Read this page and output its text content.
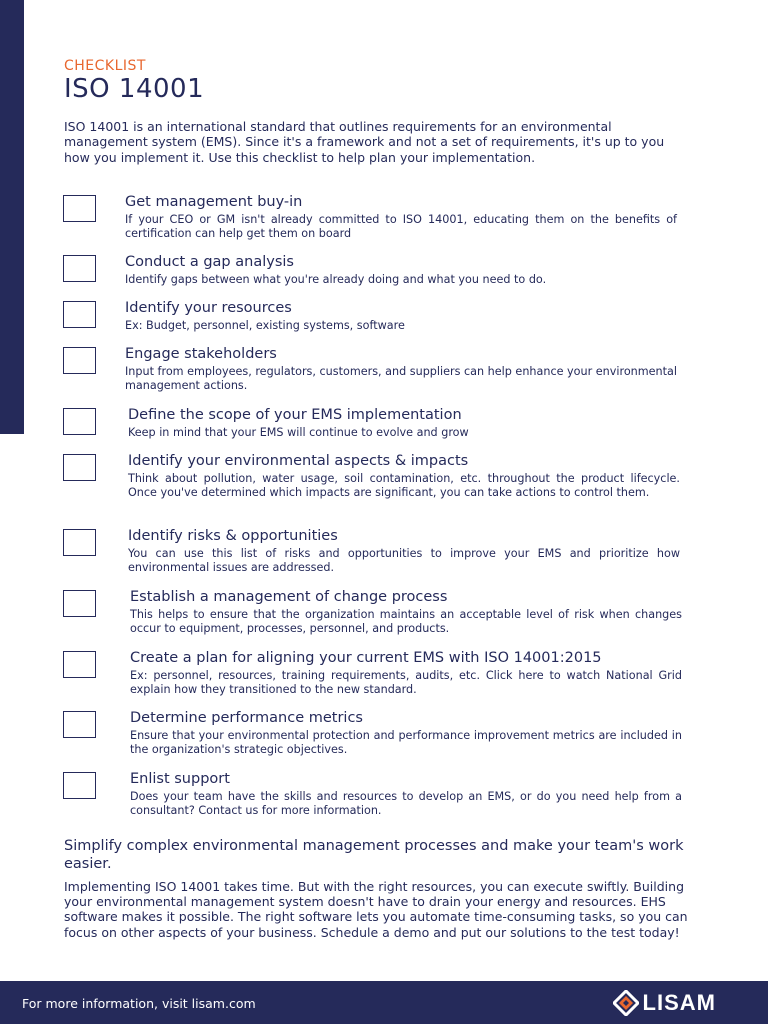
CHECKLIST
ISO 14001

ISO 14001 is an international standard that outlines requirements for an environmental management system (EMS). Since it's a framework and not a set of requirements, it's up to you how you implement it. Use this checklist to help plan your implementation.

Get management buy-in
If your CEO or GM isn't already committed to ISO 14001, educating them on the benefits of certification can help get them on board
Conduct a gap analysis
Identify gaps between what you're already doing and what you need to do.
Identify your resources
Ex: Budget, personnel, existing systems, software
Engage stakeholders
Input from employees, regulators, customers, and suppliers can help enhance your environmental management actions.
Define the scope of your EMS implementation
Keep in mind that your EMS will continue to evolve and grow
Identify your environmental aspects & impacts
Think about pollution, water usage, soil contamination, etc. throughout the product lifecycle. Once you've determined which impacts are significant, you can take actions to control them.
Identify risks & opportunities
You can use this list of risks and opportunities to improve your EMS and prioritize how environmental issues are addressed.
Establish a management of change process
This helps to ensure that the organization maintains an acceptable level of risk when changes occur to equipment, processes, personnel, and products.
Create a plan for aligning your current EMS with ISO 14001:2015
Ex: personnel, resources, training requirements, audits, etc. Click here to watch National Grid explain how they transitioned to the new standard.
Determine performance metrics
Ensure that your environmental protection and performance improvement metrics are included in the organization's strategic objectives.
Enlist support
Does your team have the skills and resources to develop an EMS, or do you need help from a consultant? Contact us for more information.
Simplify complex environmental management processes and make your team's work easier.

Implementing ISO 14001 takes time. But with the right resources, you can execute swiftly. Building your environmental management system doesn't have to drain your energy and resources. EHS software makes it possible. The right software lets you automate time-consuming tasks, so you can focus on other aspects of your business. Schedule a demo and put our solutions to the test today!

For more information, visit lisam.com	LISAM
